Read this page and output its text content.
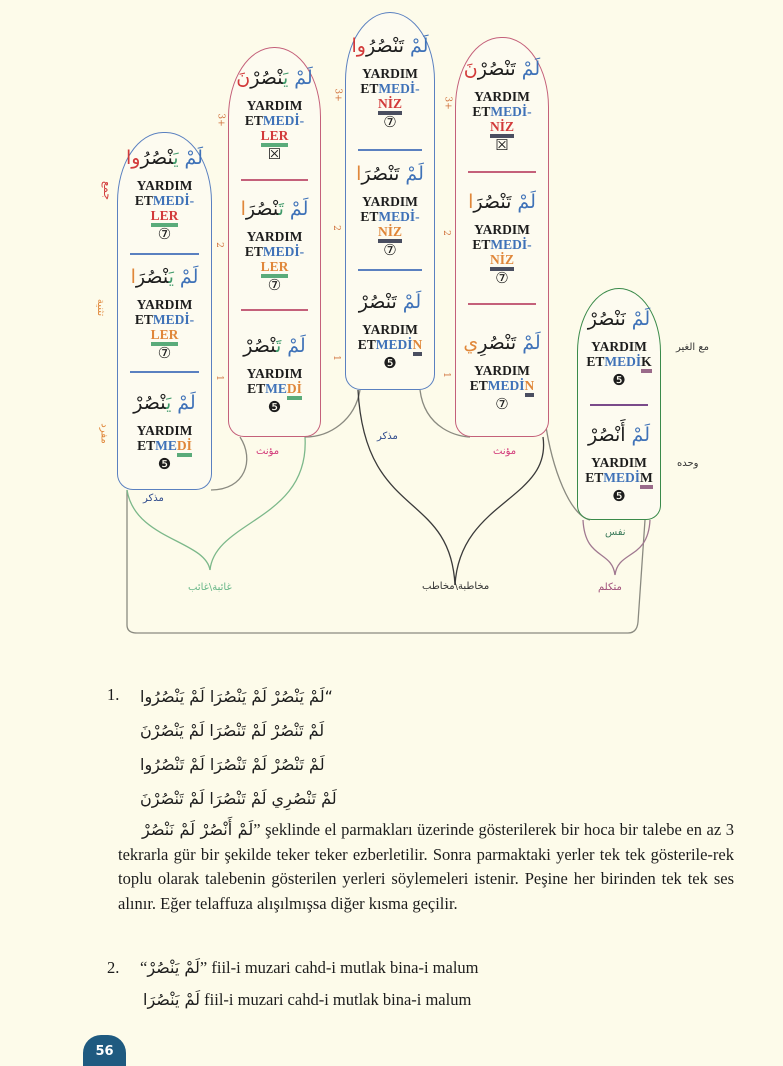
لَمْ يَنْصُرُوا
YARDIM
ETMEDİ-
LER
⑦
لَمْ يَنْصُرَا
YARDIM
ETMEDİ-
LER
⑦
لَمْ يَنْصُرْ
YARDIM
ETMEDİ
❺
لَمْ يَنْصُرْنَ
YARDIM
ETMEDİ-
LER
☒
لَمْ تَنْصُرَا
YARDIM
ETMEDİ-
LER
⑦
لَمْ تَنْصُرْ
YARDIM
ETMEDİ
❺
لَمْ تَنْصُرُوا
YARDIM
ETMEDİ-
NİZ
⑦
لَمْ تَنْصُرَا
YARDIM
ETMEDİ-
NİZ
⑦
لَمْ تَنْصُرْ
YARDIM
ETMEDİN
❺
لَمْ تَنْصُرْنَ
YARDIM
ETMEDİ-
NİZ
☒
لَمْ تَنْصُرَا
YARDIM
ETMEDİ-
NİZ
⑦
لَمْ تَنْصُرِي
YARDIM
ETMEDİN
⑦
لَمْ نَنْصُرْ
YARDIM
ETMEDİK
❺
لَمْ أَنْصُرْ
YARDIM
ETMEDİM
❺
جمع
تثنية
مفرد
مع الغير
وحده
3+
2
1
3+
2
1
3+
2
1
مذكر
مؤنث
مذكر
مؤنث
نفس
غائبة\غائب	مخاطبة\مخاطب	متكلم
1. “لَمْ يَنْصُرْ لَمْ يَنْصُرَا لَمْ يَنْصُرُوا
لَمْ تَنْصُرْ لَمْ تَنْصُرَا لَمْ يَنْصُرْنَ
لَمْ تَنْصُرْ لَمْ تَنْصُرَا لَمْ تَنْصُرُوا
لَمْ تَنْصُرِي لَمْ تَنْصُرَا لَمْ تَنْصُرْنَ
لَمْ أَنْصُرْ لَمْ نَنْصُرْ” şeklinde el parmakları üzerinde gösterilerek bir hoca bir talebe en az 3 tekrarla gür bir şekilde teker teker ezberletilir. Sonra parmaktaki yerler tek tek gösterile-rek toplu olarak talebenin gösterilen yerleri söylemeleri istenir. Peşine her birinden tek tek ses alınır. Eğer telaffuza alışılmışsa diğer kısma geçilir.
2. “لَمْ يَنْصُرْ” fiil-i muzari cahd-i mutlak bina-i malum
لَمْ يَنْصُرَا fiil-i muzari cahd-i mutlak bina-i malum
56
